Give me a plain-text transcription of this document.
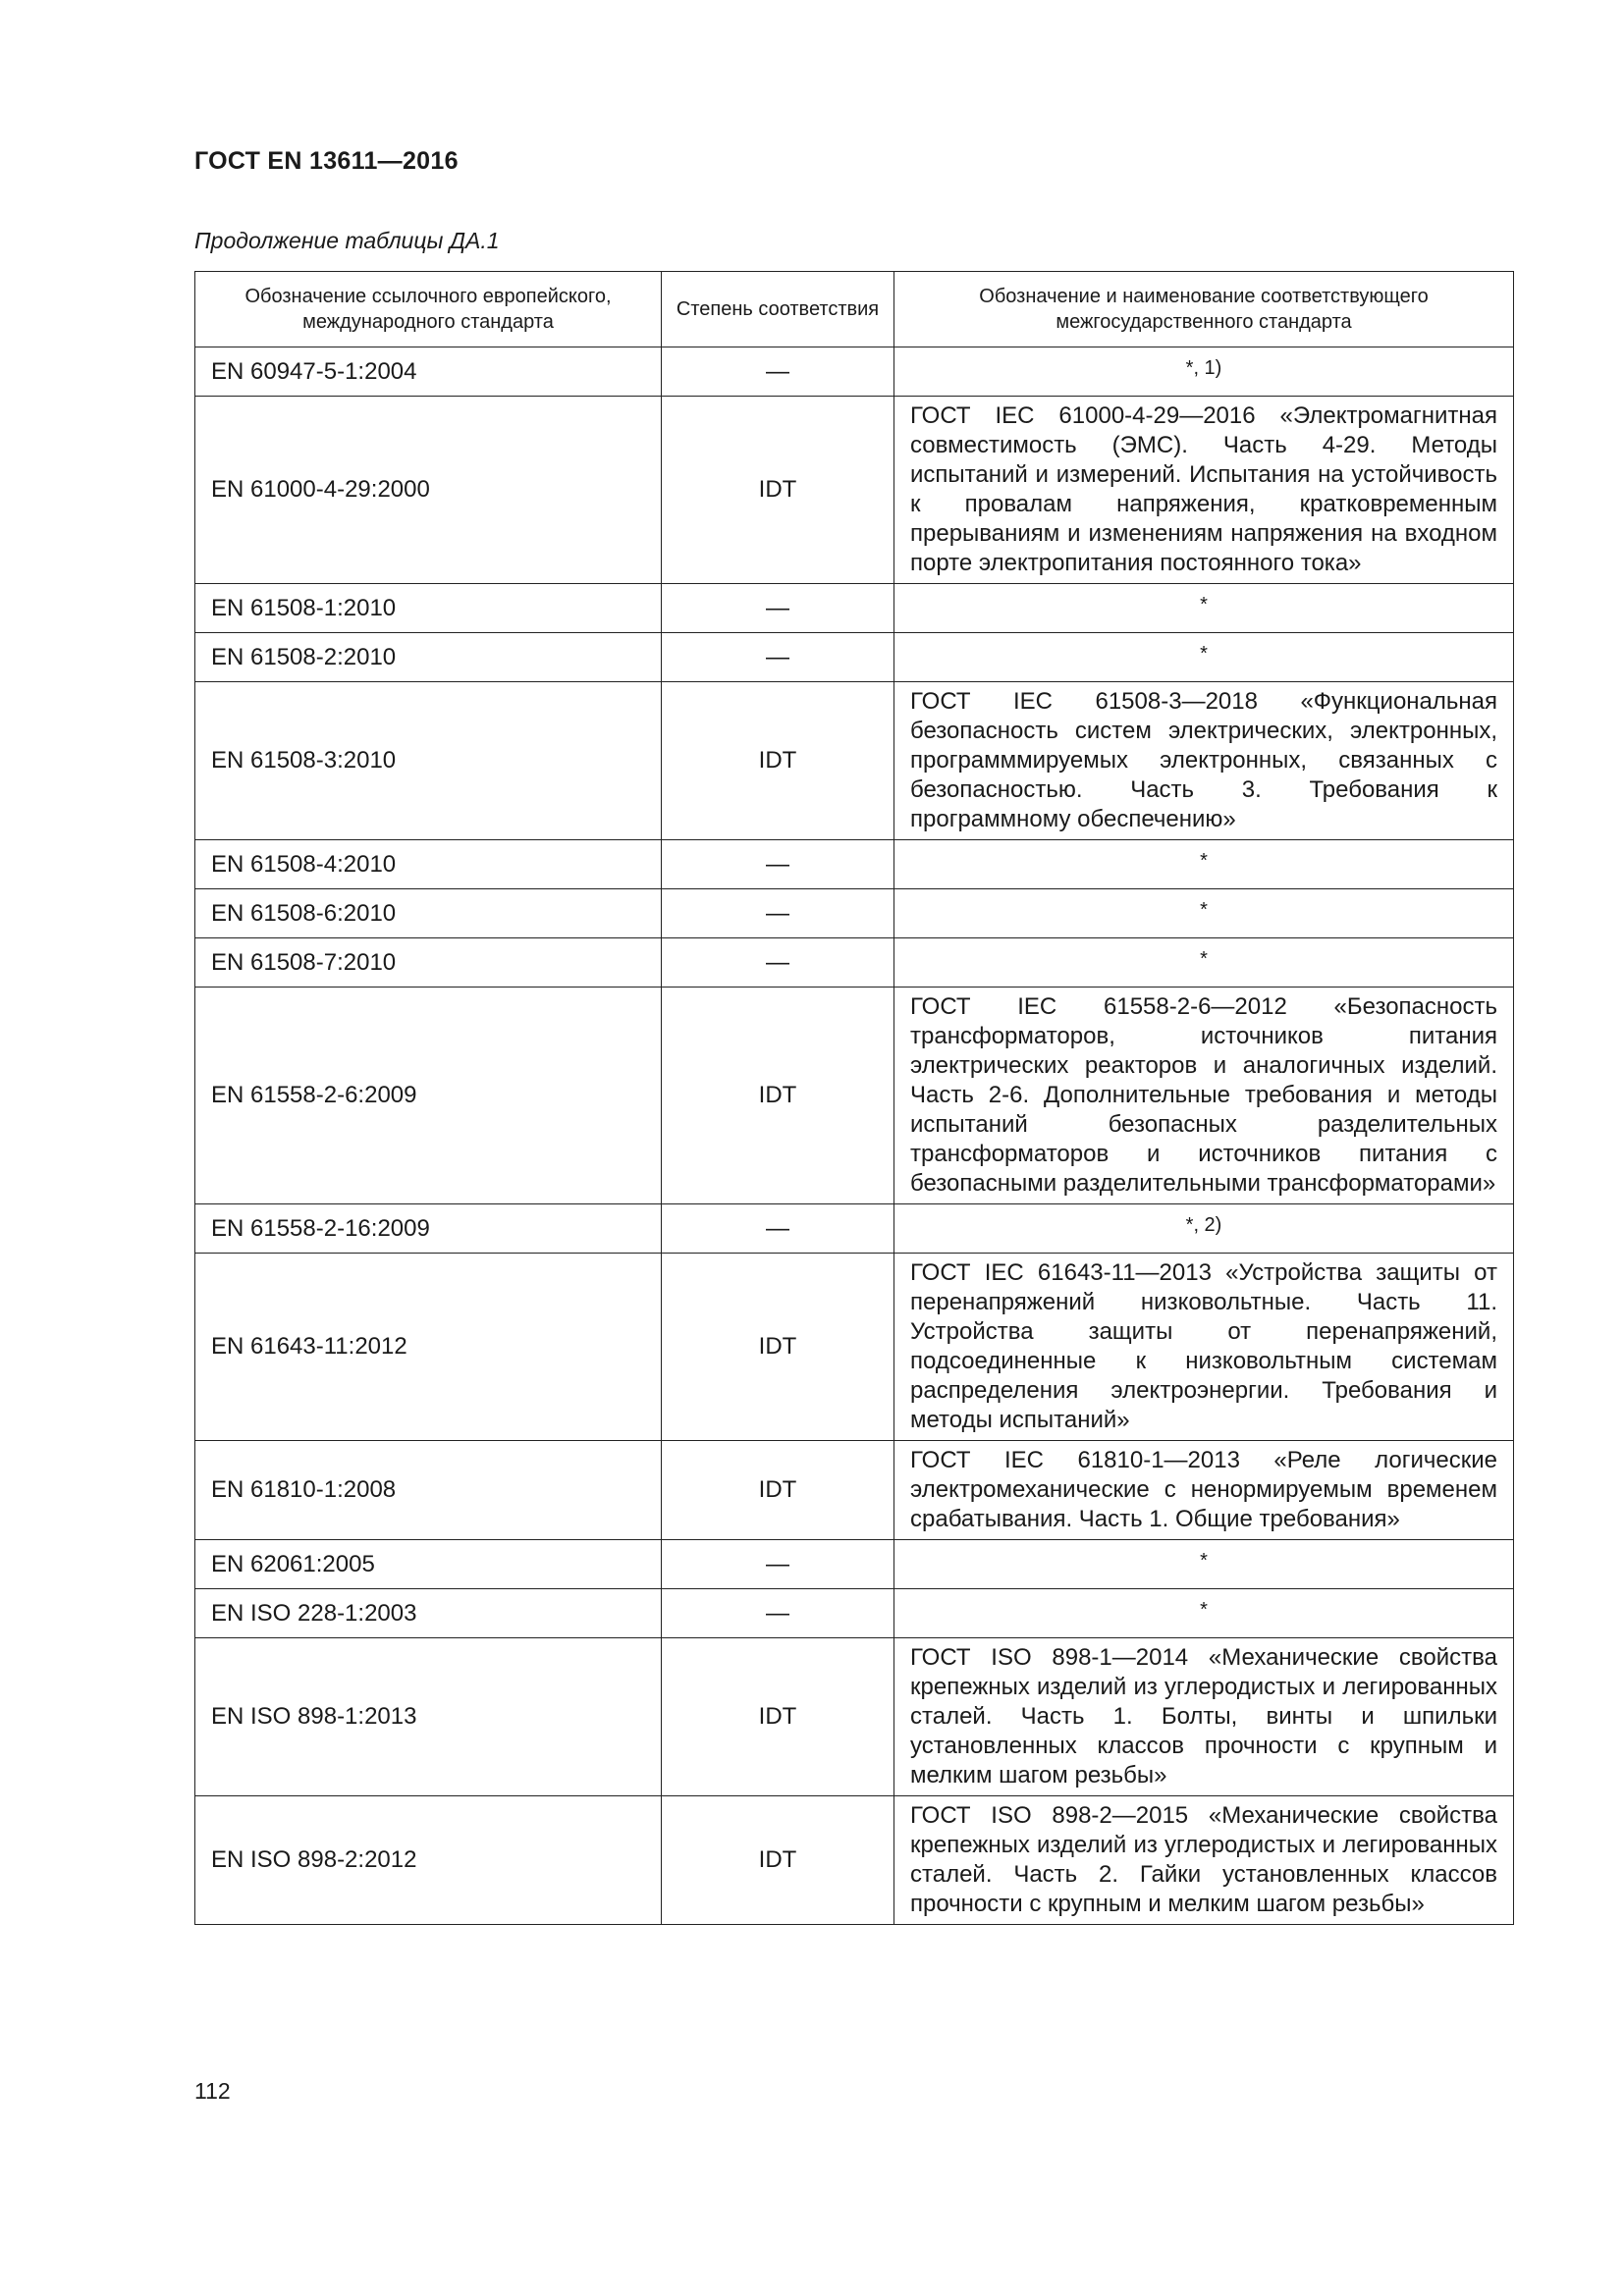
ГОСТ EN 13611—2016
Продолжение таблицы ДА.1
Обозначение ссылочного европейского, международного стандарта	Степень соответствия	Обозначение и наименование соответствующего межгосударственного стандарта
EN 60947-5-1:2004	—	*, 1)
EN 61000-4-29:2000	IDT	ГОСТ IEC 61000-4-29—2016 «Электромагнитная совместимость (ЭМС). Часть 4-29. Методы испытаний и измерений. Испытания на устойчивость к провалам напряжения, кратковременным прерываниям и изменениям напряжения на входном порте электропитания постоянного тока»
EN 61508-1:2010	—	*
EN 61508-2:2010	—	*
EN 61508-3:2010	IDT	ГОСТ IEC 61508-3—2018 «Функциональная безопасность систем электрических, электронных, программмируемых электронных, связанных с безопасностью. Часть 3. Требования к программному обеспечению»
EN 61508-4:2010	—	*
EN 61508-6:2010	—	*
EN 61508-7:2010	—	*
EN 61558-2-6:2009	IDT	ГОСТ IEC 61558-2-6—2012 «Безопасность трансформаторов, источников питания электрических реакторов и аналогичных изделий. Часть 2-6. Дополнительные требования и методы испытаний безопасных разделительных трансформаторов и источников питания с безопасными разделительными трансформаторами»
EN 61558-2-16:2009	—	*, 2)
EN 61643-11:2012	IDT	ГОСТ IEC 61643-11—2013 «Устройства защиты от перенапряжений низковольтные. Часть 11. Устройства защиты от перенапряжений, подсоединенные к низковольтным системам распределения электроэнергии. Требования и методы испытаний»
EN 61810-1:2008	IDT	ГОСТ IEC 61810-1—2013 «Реле логические электромеханические с ненормируемым временем срабатывания. Часть 1. Общие требования»
EN 62061:2005	—	*
EN ISO 228-1:2003	—	*
EN ISO 898-1:2013	IDT	ГОСТ ISO 898-1—2014 «Механические свойства крепежных изделий из углеродистых и легированных сталей. Часть 1. Болты, винты и шпильки установленных классов прочности с крупным и мелким шагом резьбы»
EN ISO 898-2:2012	IDT	ГОСТ ISO 898-2—2015 «Механические свойства крепежных изделий из углеродистых и легированных сталей. Часть 2. Гайки установленных классов прочности с крупным и мелким шагом резьбы»
112
